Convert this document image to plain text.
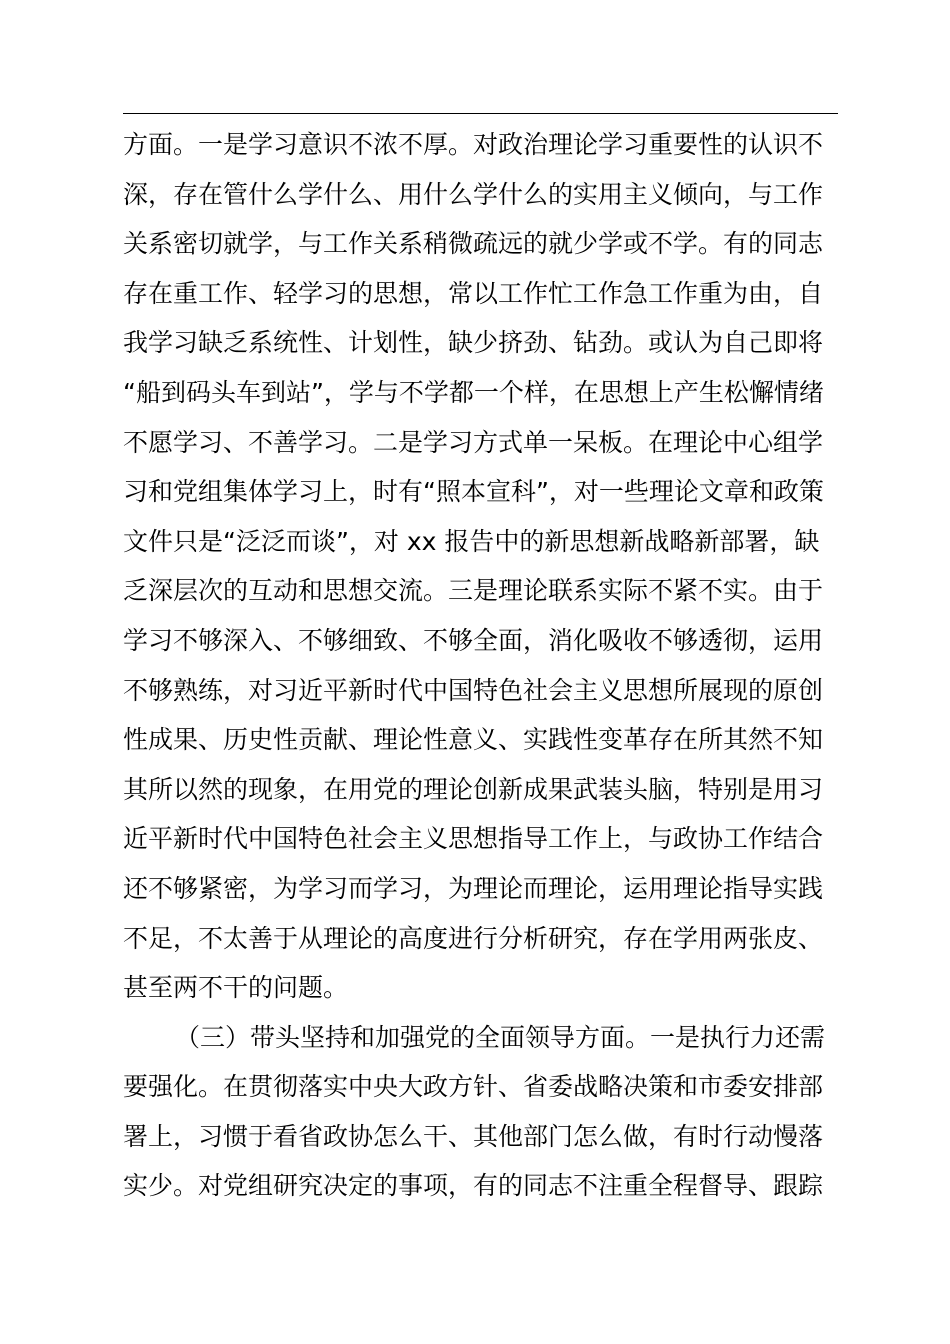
方面。一是学习意识不浓不厚。对政治理论学习重要性的认识不
深，存在管什么学什么、用什么学什么的实用主义倾向，与工作
关系密切就学，与工作关系稍微疏远的就少学或不学。有的同志
存在重工作、轻学习的思想，常以工作忙工作急工作重为由，自
我学习缺乏系统性、计划性，缺少挤劲、钻劲。或认为自己即将
“船到码头车到站”，学与不学都一个样，在思想上产生松懈情绪
不愿学习、不善学习。二是学习方式单一呆板。在理论中心组学
习和党组集体学习上，时有“照本宣科”，对一些理论文章和政策
文件只是“泛泛而谈”，对 xx 报告中的新思想新战略新部署，缺
乏深层次的互动和思想交流。三是理论联系实际不紧不实。由于
学习不够深入、不够细致、不够全面，消化吸收不够透彻，运用
不够熟练，对习近平新时代中国特色社会主义思想所展现的原创
性成果、历史性贡献、理论性意义、实践性变革存在所其然不知
其所以然的现象，在用党的理论创新成果武装头脑，特别是用习
近平新时代中国特色社会主义思想指导工作上，与政协工作结合
还不够紧密，为学习而学习，为理论而理论，运用理论指导实践
不足，不太善于从理论的高度进行分析研究，存在学用两张皮、
甚至两不干的问题。
（三）带头坚持和加强党的全面领导方面。一是执行力还需
要强化。在贯彻落实中央大政方针、省委战略决策和市委安排部
署上，习惯于看省政协怎么干、其他部门怎么做，有时行动慢落
实少。对党组研究决定的事项，有的同志不注重全程督导、跟踪
